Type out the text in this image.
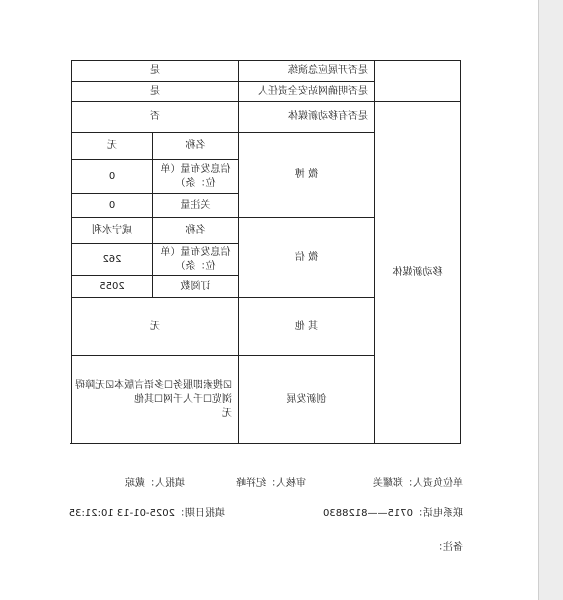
	是否开展应急演练	是	
	是否明确网站安全责任人	是	
移动新媒体	是否有移动新媒体	否	
	微 博	名称	无
		信息发布量（单位：条）	0
		关注量	0
	微 信	名称	咸宁水利
		信息发布量（单位：条）	262
		订阅数	2055
	其 他	无	
	创新发展	☑搜索即服务☐多语言版本☑无障碍浏览☐千人千网☐其他
无	
单位负责人：郑耀美
审核人：纪祥峰
填报人：戴琼
联系电话：0715——8128830
填报日期：2025-01-13 10:21:35
备注：
